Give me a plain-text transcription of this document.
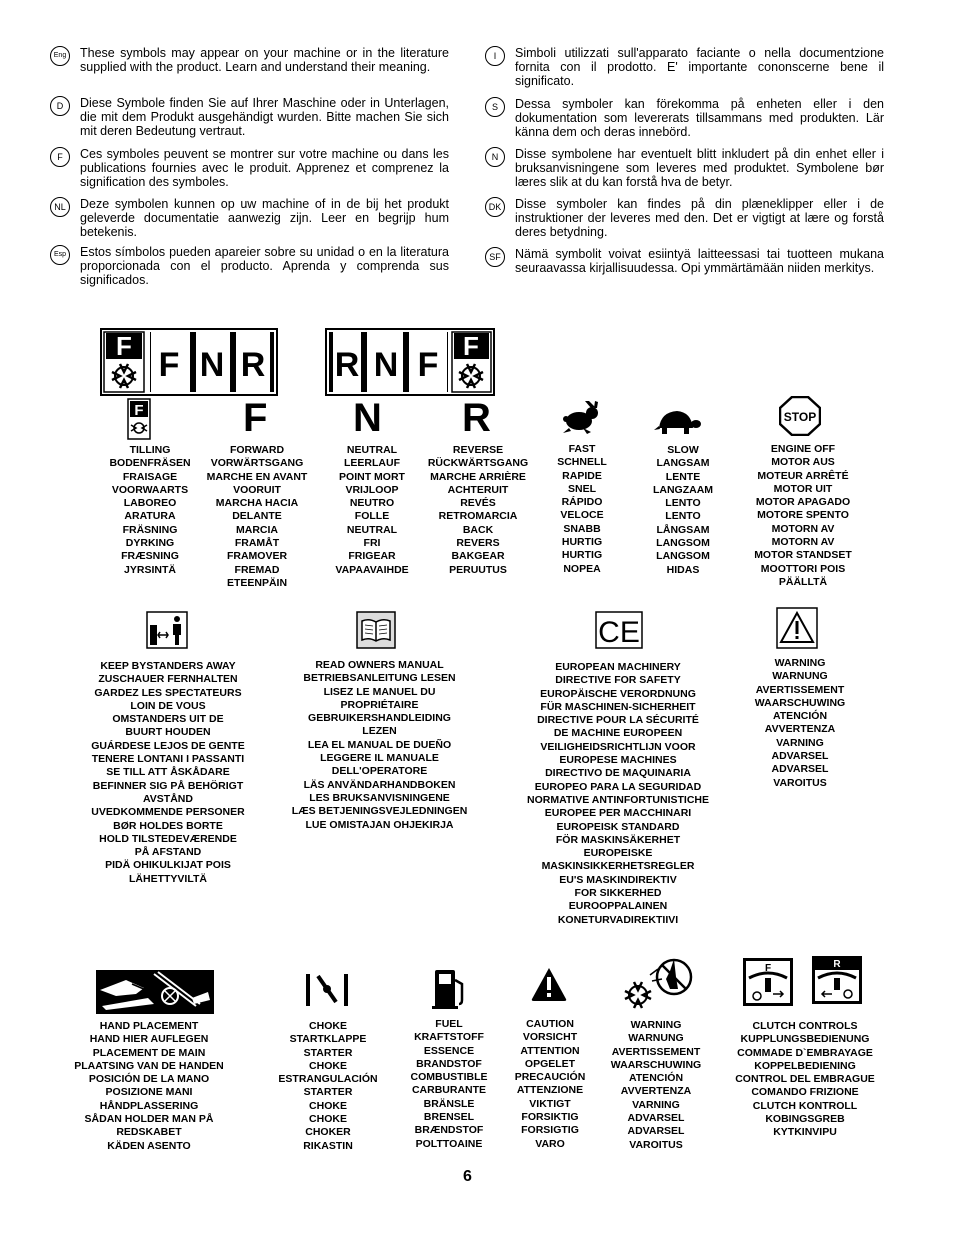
Eng	These symbols may appear on your machine or in the literature supplied with the product. Learn and understand their meaning.

D	Diese Symbole finden Sie auf Ihrer Maschine oder in Unterlagen, die mit dem Produkt ausgehändigt wurden. Bitte machen Sie sich mit deren Bedeutung vertraut.

F	Ces symboles peuvent se montrer sur votre machine ou dans les publications fournies avec le produit. Apprenez et comprenez la signification des symboles.

NL	Deze symbolen kunnen op uw machine of in de bij het produkt geleverde documentatie aanwezig zijn. Leer en begrijp hum betekenis.

Esp	Estos símbolos pueden apareier sobre su unidad o en la literatura proporcionada con el producto. Aprenda y comprenda sus significados.

I	Simboli utilizzati sull'apparato faciante o nella documentzione fornita con il prodotto. E' importante cononscerne bene il significato.

S	Dessa symboler kan förekomma på enheten eller i den dokumentation som levererats tillsammans med produkten. Lär känna dem och deras innebörd.

N	Disse symbolene har eventuelt blitt inkludert på din enhet eller i bruksanvisningene som leveres med produktet. Symbolene bør læres slik at du kan forstå hva de betyr.

DK	Disse symboler kan findes på din plæneklipper eller i de instruktioner der leveres med den. Det er vigtigt at lære og forstå deres betydning.

SF	Nämä symbolit voivat esiintyä laitteessasi tai tuotteen mukana seuraavassa kirjallisuudessa. Opi ymmärtämään niiden merkitys.

F F N R R N F F
F F N R	STOP
TILLING
BODENFRÄSEN
FRAISAGE
VOORWAARTS
LABOREO
ARATURA
FRÄSNING
DYRKING
FRÆSNING
JYRSINTÄ
FORWARD
VORWÄRTSGANG
MARCHE EN AVANT
VOORUIT
MARCHA HACIA
DELANTE
MARCIA
FRAMÅT
FRAMOVER
FREMAD
ETEENPÄIN
NEUTRAL
LEERLAUF
POINT MORT
VRIJLOOP
NEUTRO
FOLLE
NEUTRAL
FRI
FRIGEAR
VAPAAVAIHDE
REVERSE
RÜCKWÄRTSGANG
MARCHE ARRIÈRE
ACHTERUIT
REVÉS
RETROMARCIA
BACK
REVERS
BAKGEAR
PERUUTUS
FAST
SCHNELL
RAPIDE
SNEL
RÁPIDO
VELOCE
SNABB
HURTIG
HURTIG
NOPEA
SLOW
LANGSAM
LENTE
LANGZAAM
LENTO
LENTO
LÅNGSAM
LANGSOM
LANGSOM
HIDAS
ENGINE OFF
MOTOR AUS
MOTEUR ARRÊTÉ
MOTOR UIT
MOTOR APAGADO
MOTORE SPENTO
MOTORN AV
MOTORN AV
MOTOR STANDSET
MOOTTORI POIS
PÄÄLLTÄ
CE
KEEP BYSTANDERS AWAY
ZUSCHAUER FERNHALTEN
GARDEZ LES SPECTATEURS
LOIN DE VOUS
OMSTANDERS UIT DE
BUURT HOUDEN
GUÁRDESE LEJOS DE GENTE
TENERE LONTANI I PASSANTI
SE TILL ATT ÅSKÅDARE
BEFINNER SIG PÅ BEHÖRIGT
AVSTÅND
UVEDKOMMENDE PERSONER
BØR HOLDES BORTE
HOLD TILSTEDEVÆRENDE
PÅ AFSTAND
PIDÄ OHIKULKIJAT POIS
LÄHETTYVILTÄ
READ OWNERS MANUAL
BETRIEBSANLEITUNG LESEN
LISEZ LE MANUEL DU
PROPRIÉTAIRE
GEBRUIKERSHANDLEIDING
LEZEN
LEA EL MANUAL DE DUEÑO
LEGGERE IL MANUALE
DELL'OPERATORE
LÄS ANVÄNDARHANDBOKEN
LES BRUKSANVISNINGENE
LÆS BETJENINGSVEJLEDNINGEN
LUE OMISTAJAN OHJEKIRJA
EUROPEAN MACHINERY
DIRECTIVE FOR SAFETY
EUROPÄISCHE VERORDNUNG
FÜR MASCHINEN-SICHERHEIT
DIRECTIVE POUR LA SÉCURITÉ
DE MACHINE EUROPEEN
VEILIGHEIDSRICHTLIJN VOOR
EUROPESE MACHINES
DIRECTIVO DE MAQUINARIA
EUROPEO PARA LA SEGURIDAD
NORMATIVE ANTINFORTUNISTICHE
EUROPEE PER MACCHINARI
EUROPEISK STANDARD
FÖR MASKINSÄKERHET
EUROPEISKE
MASKINSIKKERHETSREGLER
EU'S MASKINDIREKTIV
FOR SIKKERHED
EUROOPPALAINEN
KONETURVADIREKTIIVI
WARNING
WARNUNG
AVERTISSEMENT
WAARSCHUWING
ATENCIÓN
AVVERTENZA
VARNING
ADVARSEL
ADVARSEL
VAROITUS
F	R
HAND PLACEMENT
HAND HIER AUFLEGEN
PLACEMENT DE MAIN
PLAATSING VAN DE HANDEN
POSICIÓN DE LA MANO
POSIZIONE MANI
HÅNDPLASSERING
SÅDAN HOLDER MAN PÅ
REDSKABET
KÄDEN ASENTO
CHOKE
STARTKLAPPE
STARTER
CHOKE
ESTRANGULACIÓN
STARTER
CHOKE
CHOKE
CHOKER
RIKASTIN
FUEL
KRAFTSTOFF
ESSENCE
BRANDSTOF
COMBUSTIBLE
CARBURANTE
BRÄNSLE
BRENSEL
BRÆNDSTOF
POLTTOAINE
CAUTION
VORSICHT
ATTENTION
OPGELET
PRECAUCIÓN
ATTENZIONE
VIKTIGT
FORSIKTIG
FORSIGTIG
VARO
WARNING
WARNUNG
AVERTISSEMENT
WAARSCHUWING
ATENCIÓN
AVVERTENZA
VARNING
ADVARSEL
ADVARSEL
VAROITUS
CLUTCH CONTROLS
KUPPLUNGSBEDIENUNG
COMMADE D`EMBRAYAGE
KOPPELBEDIENING
CONTROL DEL EMBRAGUE
COMANDO FRIZIONE
CLUTCH KONTROLL
KOBINGSGREB
KYTKINVIPU
6
